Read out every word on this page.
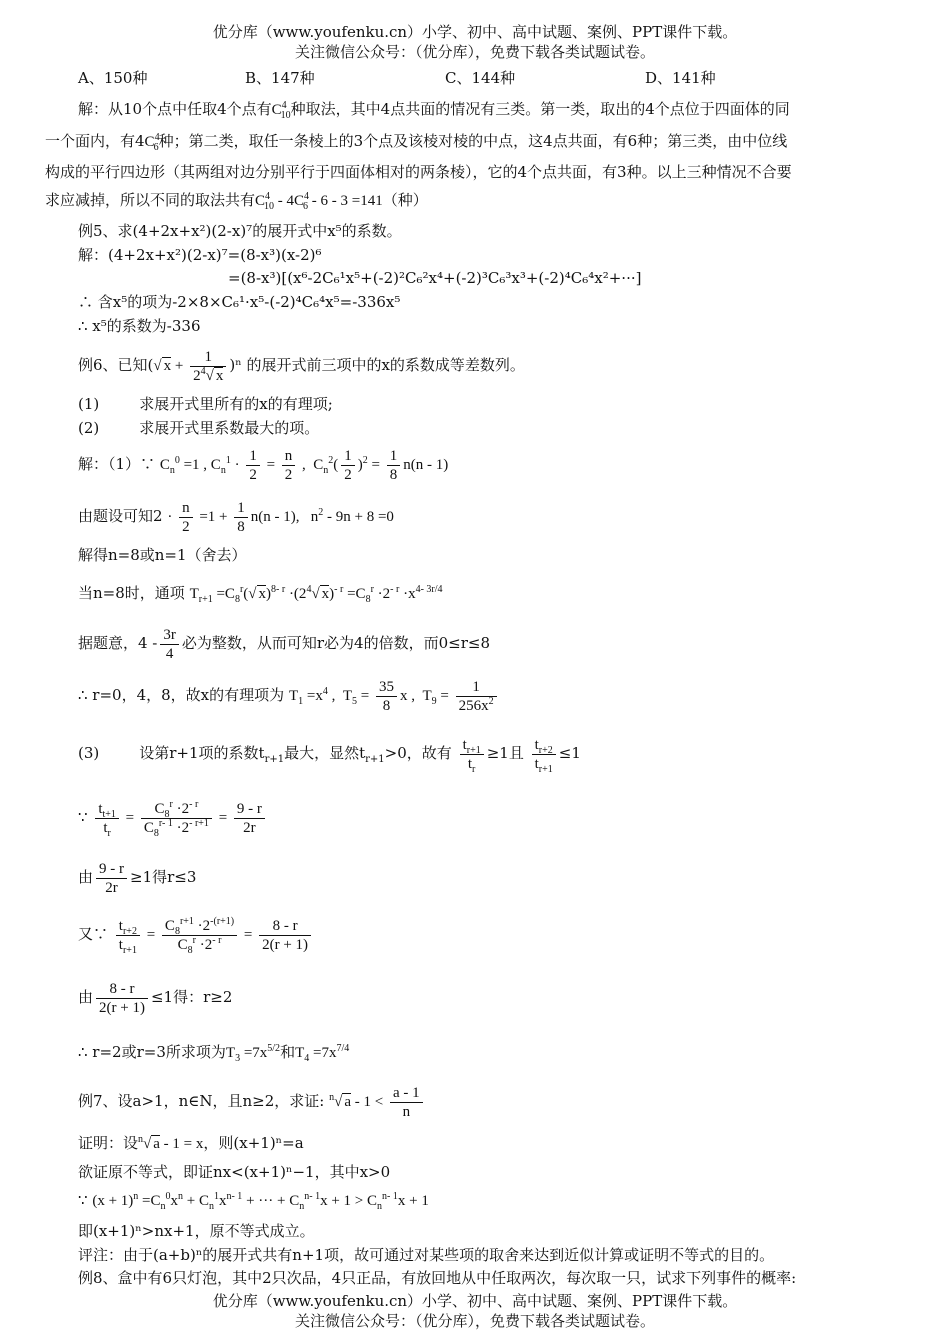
优分库（www.youfenku.cn）小学、初中、高中试题、案例、PPT课件下载。
关注微信公众号：（优分库），免费下载各类试题试卷。
A、150种	B、147种	C、144种	D、141种
解：从10个点中任取4个点有$C^4_{10}$种取法，其中4点共面的情况有三类。第一类，取出的4个点位于四面体的同
一个面内，有$4C^4_6$种；第二类，取任一条棱上的3个点及该棱对棱的中点，这4点共面，有6种；第三类，由中位线
构成的平行四边形（其两组对边分别平行于四面体相对的两条棱），它的4个点共面，有3种。以上三种情况不合要
求应减掉，所以不同的取法共有$C^4_{10} - 4C^4_6 - 6 - 3 =141$（种）
例5、求(4+2x+x²)(2-x)⁷的展开式中x⁵的系数。
解：(4+2x+x²)(2-x)⁷=(8-x³)(x-2)⁶
=(8-x³)[(x⁶-2C₆¹x⁵+(-2)²C₆²x⁴+(-2)³C₆³x³+(-2)⁴C₆⁴x²+···]
∴ 含x⁵的项为-2×8×C₆¹·x⁵-(-2)⁴C₆⁴x⁵=-336x⁵
∴ x⁵的系数为-336
例6、已知(√ $x + \frac{1}{2^4√ x} )^n$ 的展开式前三项中的x的系数成等差数列。
(1)	求展开式里所有的x的有理项;
(2)	求展开式里系数最大的项。
解：（1）∵ $C_n^0 =1$ , $C_n^1 \cdot \frac{1}{2} = \frac{n}{2}$ ,  $C_n^2( \frac{1}{2} )^2 = \frac{1}{8} n(n - 1)$
由题设可知$2 \cdot \frac{n}{2} =1 + \frac{1}{8} n(n - 1)$,   $n^2 - 9n + 8 =0$
解得n=8或n=1（舍去）
当n=8时，通项 $T_{r+1} =C_8^r(√$ $x)^{8- r} \cdot(2^4√$ $x)^{- r} =C_8^r \cdot 2^{- r} \cdot x^{4- 3r/4}$
据题意，$4 - \frac{3r}{4}$ 必为整数，从而可知r必为4的倍数，而0≤r≤8
∴ r=0，4，8，故x的有理项为 $T_1 =x^4$ ,  $T_5 = \frac{35}{8}$ x ,  $T_9 = \frac{1}{256x^2}$
(3)	设第r+1项的系数$t_{r+1}$最大，显然$t_{r+1}>0$，故有 $\frac{t_{r+1}}{t_r} \ge 1$且 $\frac{t_{r+2}}{t_{r+1}} \le 1$
∵ $\frac{t_{t+1}}{t_r} = \frac{C_8^r \cdot 2^{- r}}{C_8^{r- 1} \cdot 2^{- r+1}} = \frac{9 - r}{2r}$
由 $\frac{9 - r}{2r} \ge 1$得r≤3
又∵ $\frac{t_{r+2}}{t_{r+1}} = \frac{C_8^{r+1} \cdot 2^{-(r+1)}}{C_8^r \cdot 2^{- r}} = \frac{8 - r}{2(r + 1)}$
由 $\frac{8 - r}{2(r + 1)} \le 1$得：r≥2
∴ r=2或r=3所求项为$T_3 =7x^{5/2}$和$T_4 =7x^{7/4}$
例7、设a>1，n∈N，且n≥2，求证: $^n$√ $a - 1 < \frac{a - 1}{n}$
证明：设$^n$√ a - 1 = x，则(x+1)ⁿ=a
欲证原不等式，即证nx<(x+1)ⁿ−1，其中x>0
∵ $(x + 1)^n =C_n^0x^n + C_n^1x^{n- 1}$ + ··· + $C_n^{n- 1}x + 1 > C_n^{n- 1}x + 1$
即(x+1)ⁿ>nx+1，原不等式成立。
评注：由于(a+b)ⁿ的展开式共有n+1项，故可通过对某些项的取舍来达到近似计算或证明不等式的目的。
例8、盒中有6只灯泡，其中2只次品，4只正品，有放回地从中任取两次，每次取一只，试求下列事件的概率:
优分库（www.youfenku.cn）小学、初中、高中试题、案例、PPT课件下载。
关注微信公众号：（优分库），免费下载各类试题试卷。
